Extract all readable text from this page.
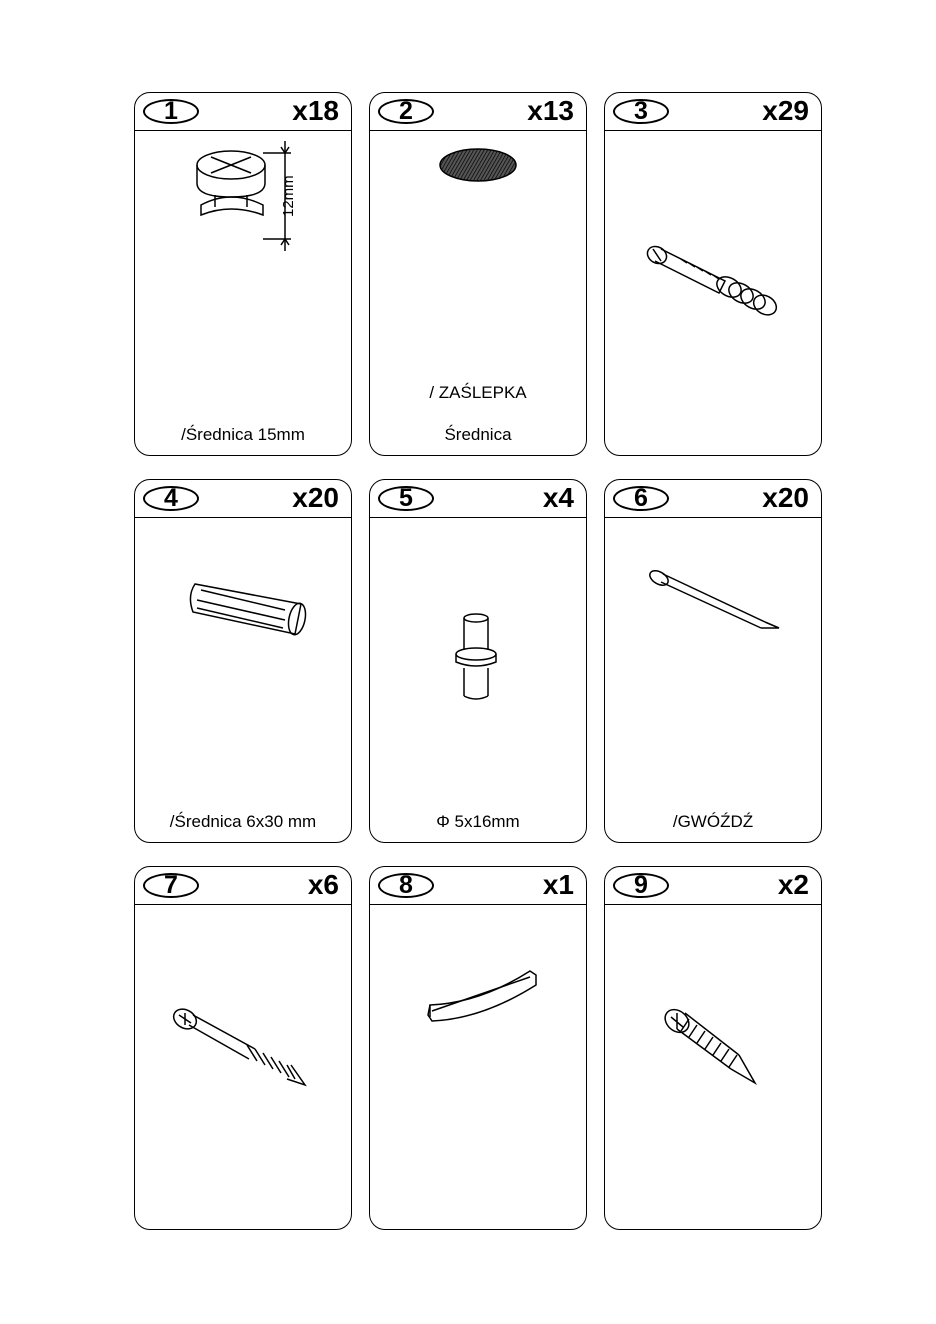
1	x18
12mm
/Średnica 15mm
2	x13
/ ZAŚLEPKA
Średnica
3	x29
4	x20
/Średnica 6x30 mm
5	x4
Φ 5x16mm
6	x20
/GWÓŹDŹ
7	x6	8	x1	9	x2
